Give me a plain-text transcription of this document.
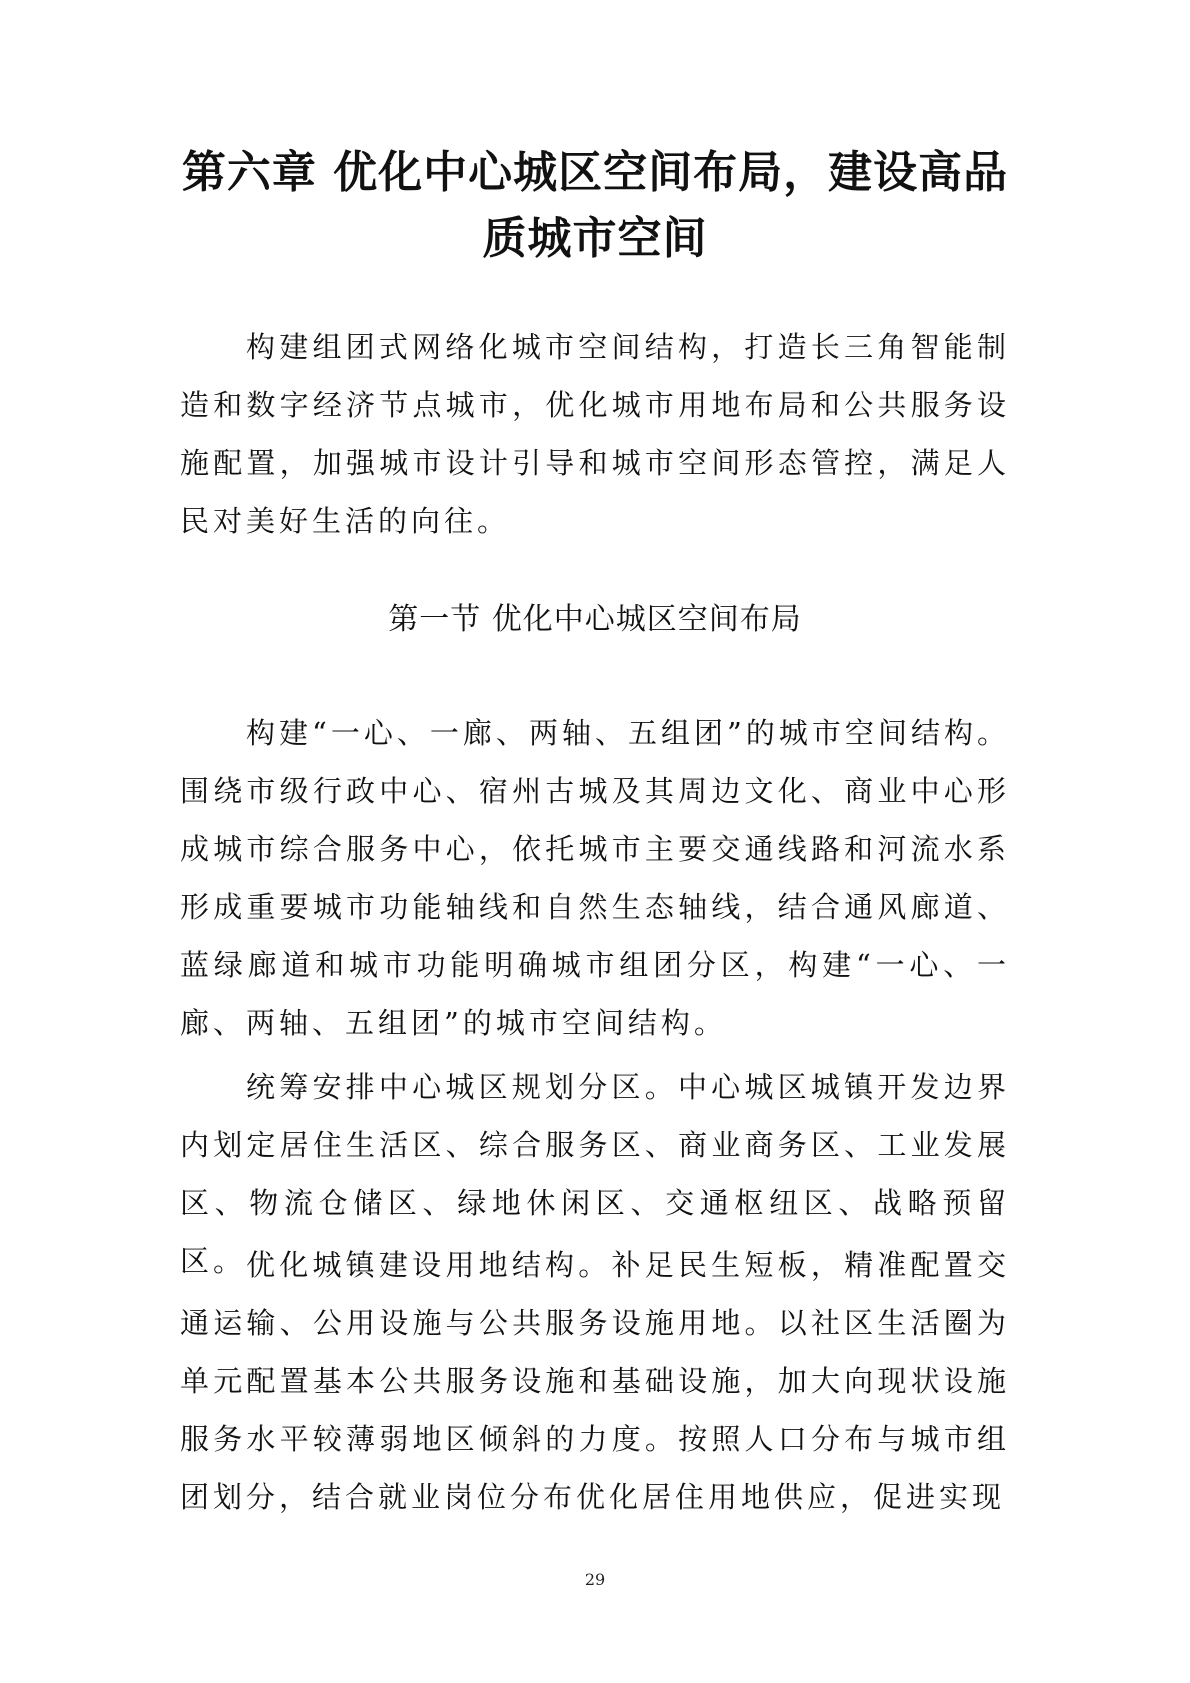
第六章 优化中心城区空间布局，建设高品质城市空间
构建组团式网络化城市空间结构，打造长三角智能制造和数字经济节点城市，优化城市用地布局和公共服务设施配置，加强城市设计引导和城市空间形态管控，满足人民对美好生活的向往。
第一节 优化中心城区空间布局
构建“一心、一廊、两轴、五组团”的城市空间结构。围绕市级行政中心、宿州古城及其周边文化、商业中心形成城市综合服务中心，依托城市主要交通线路和河流水系形成重要城市功能轴线和自然生态轴线，结合通风廊道、蓝绿廊道和城市功能明确城市组团分区，构建“一心、一廊、两轴、五组团”的城市空间结构。
统筹安排中心城区规划分区。中心城区城镇开发边界内划定居住生活区、综合服务区、商业商务区、工业发展区、物流仓储区、绿地休闲区、交通枢纽区、战略预留区。 优化城镇建设用地结构。补足民生短板，精准配置交通运输、公用设施与公共服务设施用地。以社区生活圈为单元配置基本公共服务设施和基础设施，加大向现状设施服务水平较薄弱地区倾斜的力度。按照人口分布与城市组团划分，结合就业岗位分布优化居住用地供应，促进实现
29
